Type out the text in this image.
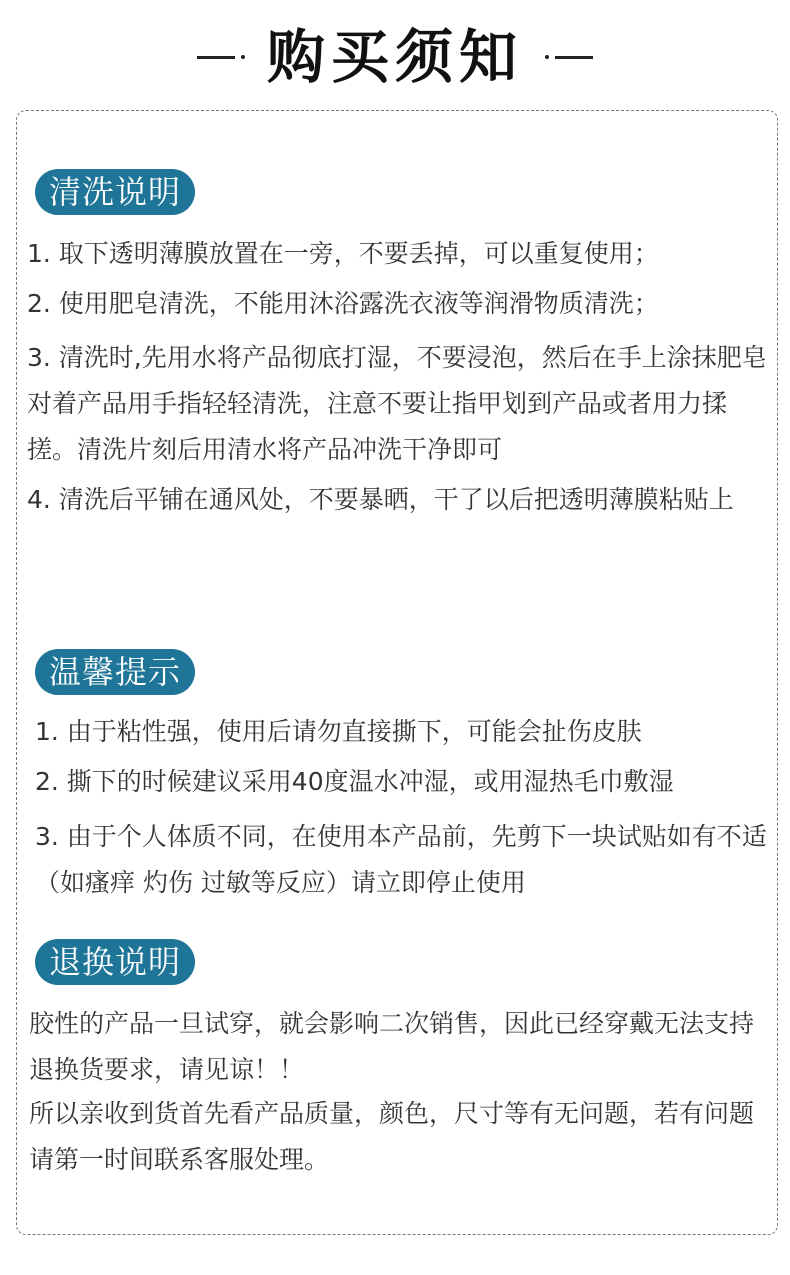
购买须知
清洗说明

1. 取下透明薄膜放置在一旁，不要丢掉，可以重复使用；

2. 使用肥皂清洗，不能用沐浴露洗衣液等润滑物质清洗；

3. 清洗时,先用水将产品彻底打湿，不要浸泡，然后在手上涂抹肥皂对着产品用手指轻轻清洗，注意不要让指甲划到产品或者用力揉搓。清洗片刻后用清水将产品冲洗干净即可

4. 清洗后平铺在通风处，不要暴晒，干了以后把透明薄膜粘贴上

温馨提示

1. 由于粘性强，使用后请勿直接撕下，可能会扯伤皮肤

2. 撕下的时候建议采用40度温水冲湿，或用湿热毛巾敷湿

3. 由于个人体质不同，在使用本产品前，先剪下一块试贴如有不适（如瘙痒 灼伤 过敏等反应）请立即停止使用

退换说明

胶性的产品一旦试穿，就会影响二次销售，因此已经穿戴无法支持退换货要求，请见谅！！

所以亲收到货首先看产品质量，颜色，尺寸等有无问题，若有问题请第一时间联系客服处理。
